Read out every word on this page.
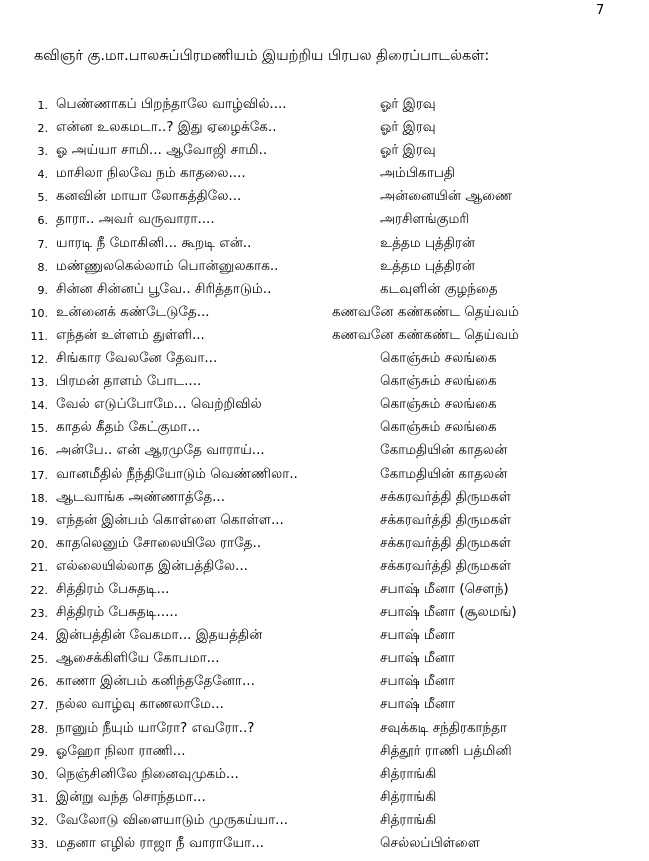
7
கவிஞர் கு.மா.பாலசுப்பிரமணியம் இயற்றிய பிரபல திரைப்பாடல்கள்:
1. பெண்ணாகப் பிறந்தாலே வாழ்வில்....	ஓர் இரவு
2. என்ன உலகமடா..? இது ஏழைக்கே..	ஓர் இரவு
3. ஓ அய்யா சாமி... ஆவோஜி சாமி..	ஓர் இரவு
4. மாசிலா நிலவே நம் காதலை....	அம்பிகாபதி
5. கனவின் மாயா லோகத்திலே...	அன்னையின் ஆணை
6. தாரா.. அவர் வருவாரா....	அரசிளங்குமரி
7. யாரடி நீ மோகினி... கூறடி என்..	உத்தம புத்திரன்
8. மண்ணுலகெல்லாம் பொன்னுலகாக..	உத்தம புத்திரன்
9. சின்ன சின்னப் பூவே.. சிரித்தாடும்..	கடவுளின் குழந்தை
10. உன்னைக் கண்டேடுதே...	கணவனே கண்கண்ட தெய்வம்
11. எந்தன் உள்ளம் துள்ளி...	கணவனே கண்கண்ட தெய்வம்
12. சிங்கார வேலனே தேவா...	கொஞ்சும் சலங்கை
13. பிரமன் தாளம் போட....	கொஞ்சும் சலங்கை
14. வேல் எடுப்போமே... வெற்றிவில்	கொஞ்சும் சலங்கை
15. காதல் கீதம் கேட்குமா...	கொஞ்சும் சலங்கை
16. அன்பே.. என் ஆரமுதே வாராய்...	கோமதியின் காதலன்
17. வானமீதில் நீந்தியோடும் வெண்ணிலா..	கோமதியின் காதலன்
18. ஆடவாங்க அண்ணாத்தே...	சக்கரவர்த்தி திருமகள்
19. எந்தன் இன்பம் கொள்ளை கொள்ள...	சக்கரவர்த்தி திருமகள்
20. காதலெனும் சோலையிலே ராதே..	சக்கரவர்த்தி திருமகள்
21. எல்லையில்லாத இன்பத்திலே...	சக்கரவர்த்தி திருமகள்
22. சித்திரம் பேசுதடி...	சபாஷ் மீனா (சௌந்)
23. சித்திரம் பேசுதடி.....	சபாஷ் மீனா (சூலமங்)
24. இன்பத்தின் வேகமா... இதயத்தின்	சபாஷ் மீனா
25. ஆசைக்கிளியே கோபமா...	சபாஷ் மீனா
26. காணா இன்பம் கனிந்ததேனோ...	சபாஷ் மீனா
27. நல்ல வாழ்வு காணலாமே...	சபாஷ் மீனா
28. நானும் நீயும் யாரோ? எவரோ..?	சவுக்கடி சந்திரகாந்தா
29. ஓஹோ நிலா ராணி...	சித்தூர் ராணி பத்மினி
30. நெஞ்சினிலே நினைவுமுகம்...	சித்ராங்கி
31. இன்று வந்த சொந்தமா...	சித்ராங்கி
32. வேலோடு விளையாடும் முருகய்யா...	சித்ராங்கி
33. மதனா எழில் ராஜா நீ வாராயோ...	செல்லப்பிள்ளை
